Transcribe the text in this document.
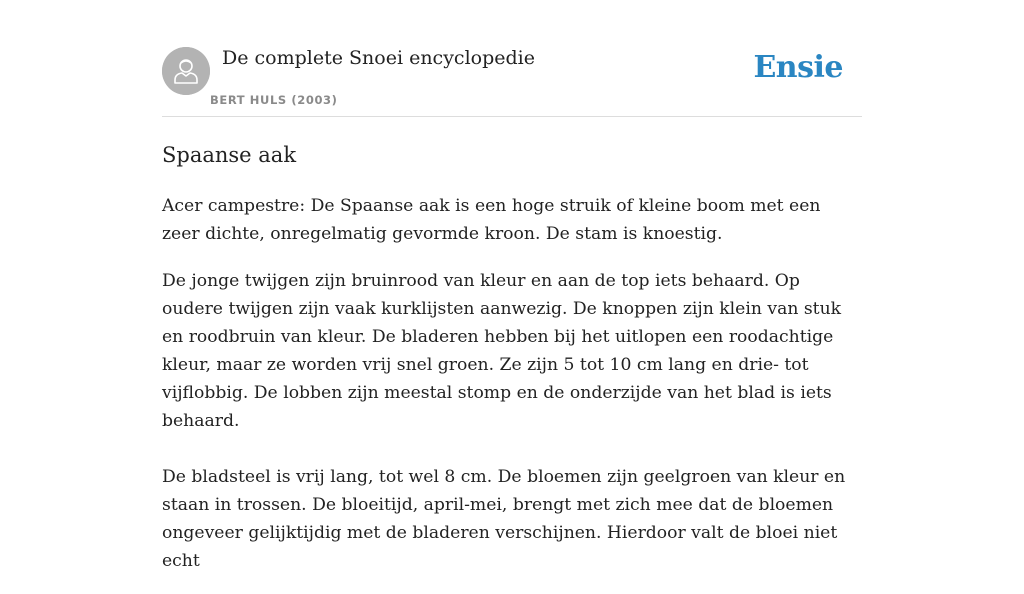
De complete Snoei encyclopedie
BERT HULS (2003)
Ensie
Spaanse aak

Acer campestre: De Spaanse aak is een hoge struik of kleine boom met een zeer dichte, onregelmatig gevormde kroon. De stam is knoestig.

De jonge twijgen zijn bruinrood van kleur en aan de top iets behaard. Op oudere twijgen zijn vaak kurklijsten aanwezig. De knoppen zijn klein van stuk en roodbruin van kleur. De bladeren hebben bij het uitlopen een roodachtige kleur, maar ze worden vrij snel groen. Ze zijn 5 tot 10 cm lang en drie- tot vijflobbig. De lobben zijn meestal stomp en de onderzijde van het blad is iets behaard.

De bladsteel is vrij lang, tot wel 8 cm. De bloemen zijn geelgroen van kleur en staan in trossen. De bloeitijd, april-mei, brengt met zich mee dat de bloemen ongeveer gelijktijdig met de bladeren verschijnen. Hierdoor valt de bloei niet echt
